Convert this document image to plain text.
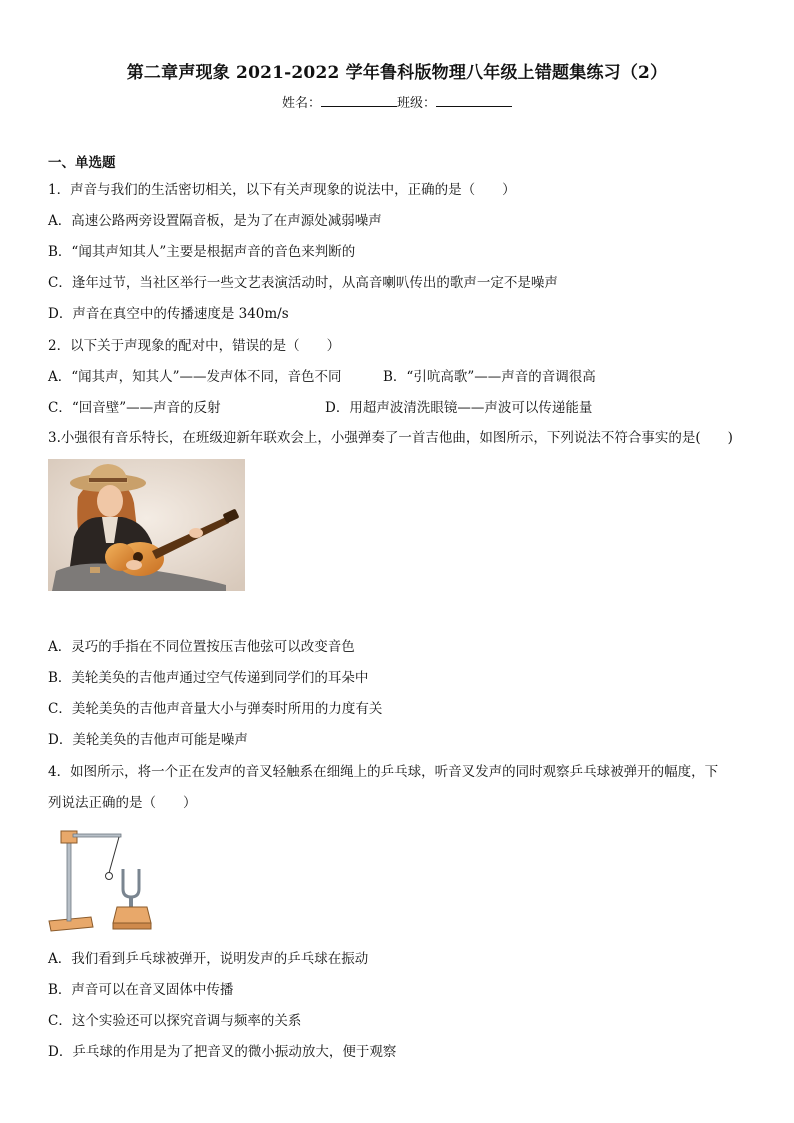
第二章声现象 2021-2022 学年鲁科版物理八年级上错题集练习（2）
姓名：	班级：
一、单选题
1．声音与我们的生活密切相关，以下有关声现象的说法中，正确的是（　　）
A．高速公路两旁设置隔音板，是为了在声源处减弱噪声
B．“闻其声知其人”主要是根据声音的音色来判断的
C．逢年过节，当社区举行一些文艺表演活动时，从高音喇叭传出的歌声一定不是噪声
D．声音在真空中的传播速度是 340m/s
2．以下关于声现象的配对中，错误的是（　　）
A．“闻其声，知其人”——发声体不同，音色不同	B．“引吭高歌”——声音的音调很高
C．“回音壁”——声音的反射	D．用超声波清洗眼镜——声波可以传递能量
3.小强很有音乐特长，在班级迎新年联欢会上，小强弹奏了一首吉他曲，如图所示，下列说法不符合事实的是(　　)
A．灵巧的手指在不同位置按压吉他弦可以改变音色
B．美轮美奂的吉他声通过空气传递到同学们的耳朵中
C．美轮美奂的吉他声音量大小与弹奏时所用的力度有关
D．美轮美奂的吉他声可能是噪声
4．如图所示，将一个正在发声的音叉轻触系在细绳上的乒乓球，听音叉发声的同时观察乒乓球被弹开的幅度，下
列说法正确的是（　　）
A．我们看到乒乓球被弹开，说明发声的乒乓球在振动
B．声音可以在音叉固体中传播
C．这个实验还可以探究音调与频率的关系
D．乒乓球的作用是为了把音叉的微小振动放大，便于观察
